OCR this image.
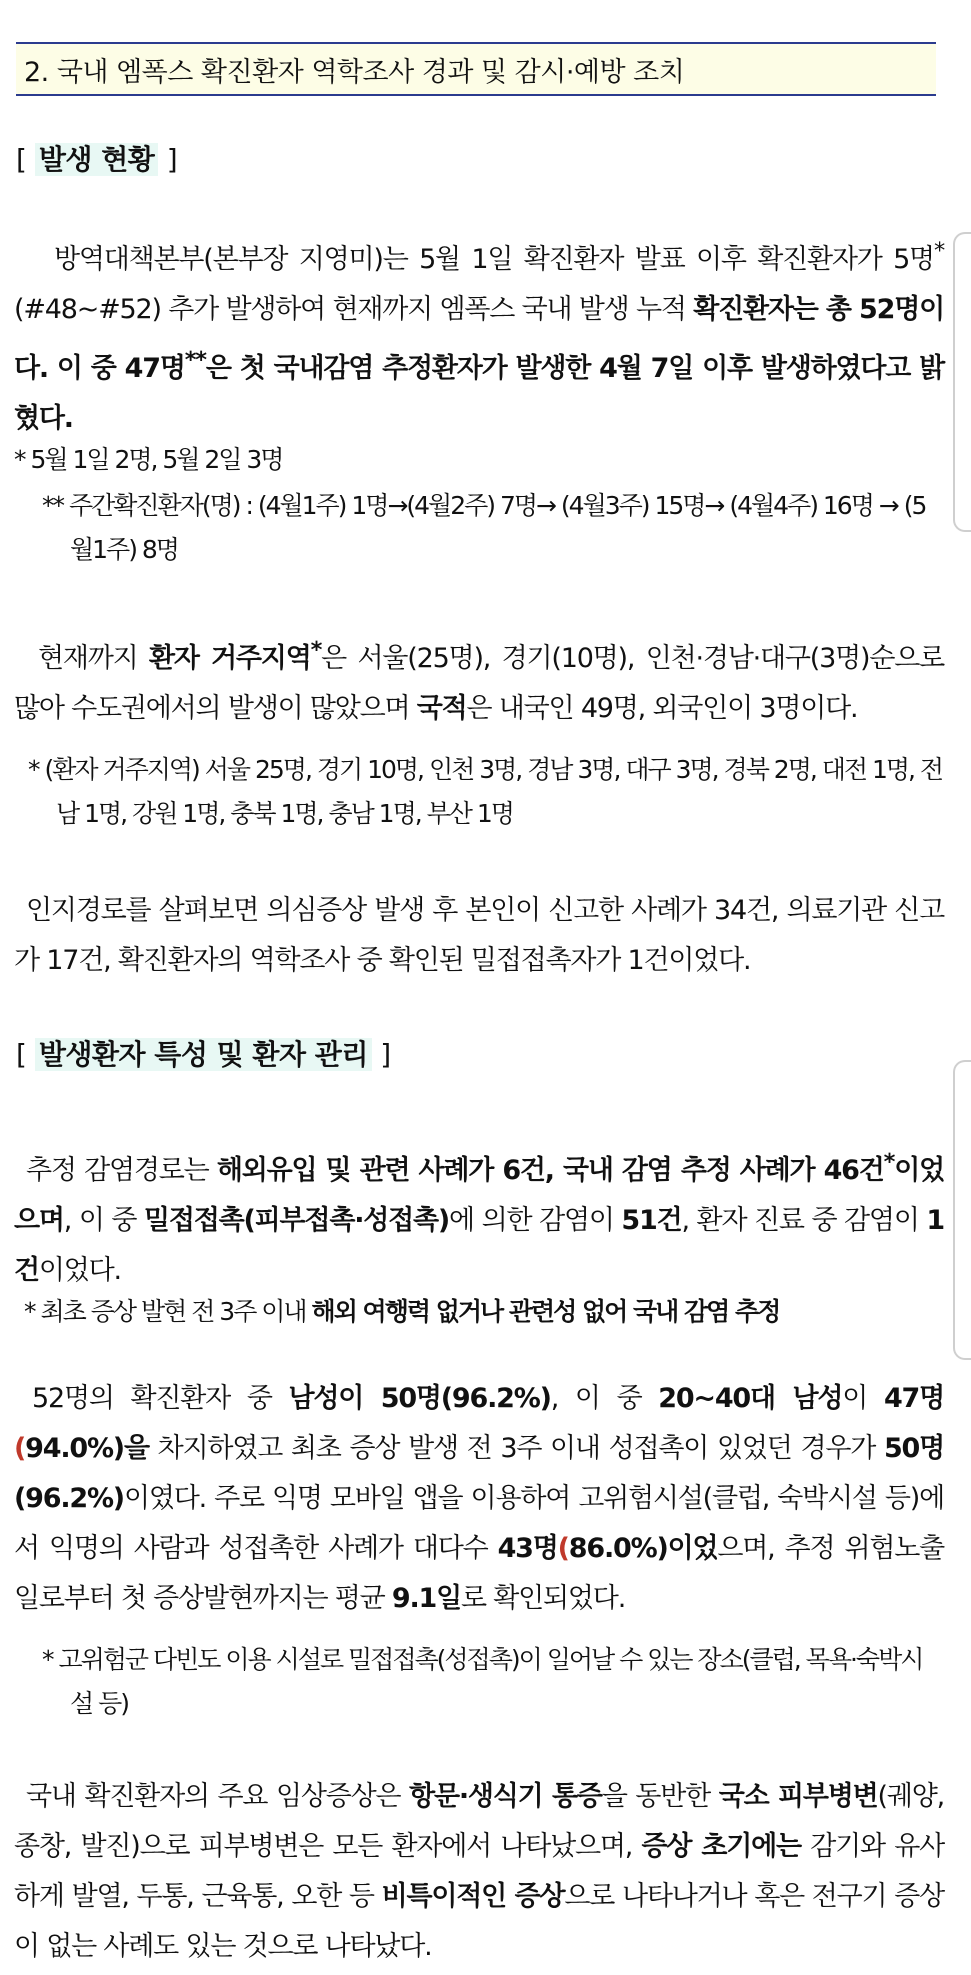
2. 국내 엠폭스 확진환자 역학조사 경과 및 감시·예방 조치
[ 발생 현황 ]

방역대책본부(본부장 지영미)는 5월 1일 확진환자 발표 이후 확진환자가 5명*(#48~#52) 추가 발생하여 현재까지 엠폭스 국내 발생 누적 확진환자는 총 52명이다. 이 중 47명**은 첫 국내감염 추정환자가 발생한 4월 7일 이후 발생하였다고 밝혔다.

* 5월 1일 2명, 5월 2일 3명

** 주간확진환자(명) : (4월1주) 1명→(4월2주) 7명→ (4월3주) 15명→ (4월4주) 16명 → (5월1주) 8명

현재까지 환자 거주지역*은 서울(25명), 경기(10명), 인천·경남·대구(3명)순으로 많아 수도권에서의 발생이 많았으며 국적은 내국인 49명, 외국인이 3명이다.

* (환자 거주지역) 서울 25명, 경기 10명, 인천 3명, 경남 3명, 대구 3명, 경북 2명, 대전 1명, 전남 1명, 강원 1명, 충북 1명, 충남 1명, 부산 1명

인지경로를 살펴보면 의심증상 발생 후 본인이 신고한 사례가 34건, 의료기관 신고가 17건, 확진환자의 역학조사 중 확인된 밀접접촉자가 1건이었다.

[ 발생환자 특성 및 환자 관리 ]

추정 감염경로는 해외유입 및 관련 사례가 6건, 국내 감염 추정 사례가 46건*이었으며, 이 중 밀접접촉(피부접촉·성접촉)에 의한 감염이 51건, 환자 진료 중 감염이 1건이었다.

* 최초 증상 발현 전 3주 이내 해외 여행력 없거나 관련성 없어 국내 감염 추정

52명의 확진환자 중 남성이 50명(96.2%), 이 중 20~40대 남성이 47명(94.0%)을 차지하였고 최초 증상 발생 전 3주 이내 성접촉이 있었던 경우가 50명(96.2%)이였다. 주로 익명 모바일 앱을 이용하여 고위험시설(클럽, 숙박시설 등)에서 익명의 사람과 성접촉한 사례가 대다수 43명(86.0%)이었으며, 추정 위험노출일로부터 첫 증상발현까지는 평균 9.1일로 확인되었다.

* 고위험군 다빈도 이용 시설로 밀접접촉(성접촉)이 일어날 수 있는 장소(클럽, 목욕·숙박시설 등)

국내 확진환자의 주요 임상증상은 항문·생식기 통증을 동반한 국소 피부병변(궤양, 종창, 발진)으로 피부병변은 모든 환자에서 나타났으며, 증상 초기에는 감기와 유사하게 발열, 두통, 근육통, 오한 등 비특이적인 증상으로 나타나거나 혹은 전구기 증상이 없는 사례도 있는 것으로 나타났다.
